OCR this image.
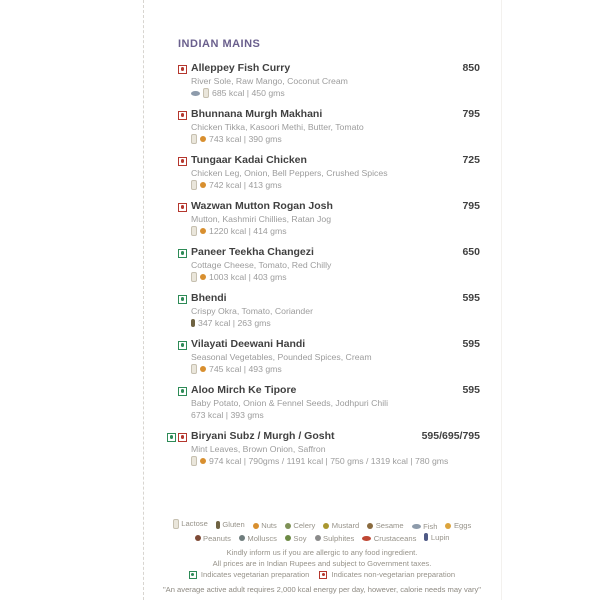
INDIAN MAINS
Alleppey Fish Curry	850
River Sole, Raw Mango, Coconut Cream
685 kcal | 450 gms
Bhunnana Murgh Makhani	795
Chicken Tikka, Kasoori Methi, Butter, Tomato
743 kcal | 390 gms
Tungaar Kadai Chicken	725
Chicken Leg, Onion, Bell Peppers, Crushed Spices
742 kcal | 413 gms
Wazwan Mutton Rogan Josh	795
Mutton, Kashmiri Chillies, Ratan Jog
1220 kcal | 414 gms
Paneer Teekha Changezi	650
Cottage Cheese, Tomato, Red Chilly
1003 kcal | 403 gms
Bhendi	595
Crispy Okra, Tomato, Coriander
347 kcal | 263 gms
Vilayati Deewani Handi	595
Seasonal Vegetables, Pounded Spices, Cream
745 kcal | 493 gms
Aloo Mirch Ke Tipore	595
Baby Potato, Onion & Fennel Seeds, Jodhpuri Chili
673 kcal | 393 gms
Biryani Subz / Murgh / Gosht	595/695/795
Mint Leaves, Brown Onion, Saffron
974 kcal | 790gms / 1191 kcal | 750 gms / 1319 kcal | 780 gms
Lactose Gluten Nuts Celery Mustard Sesame	Fish Eggs
Peanuts Molluscs Soy Sulphites	Crustaceans Lupin
Kindly inform us if you are allergic to any food ingredient.
All prices are in Indian Rupees and subject to Government taxes.
Indicates vegetarian preparation	Indicates non-vegetarian preparation
"An average active adult requires 2,000 kcal energy per day, however, calorie needs may vary"
